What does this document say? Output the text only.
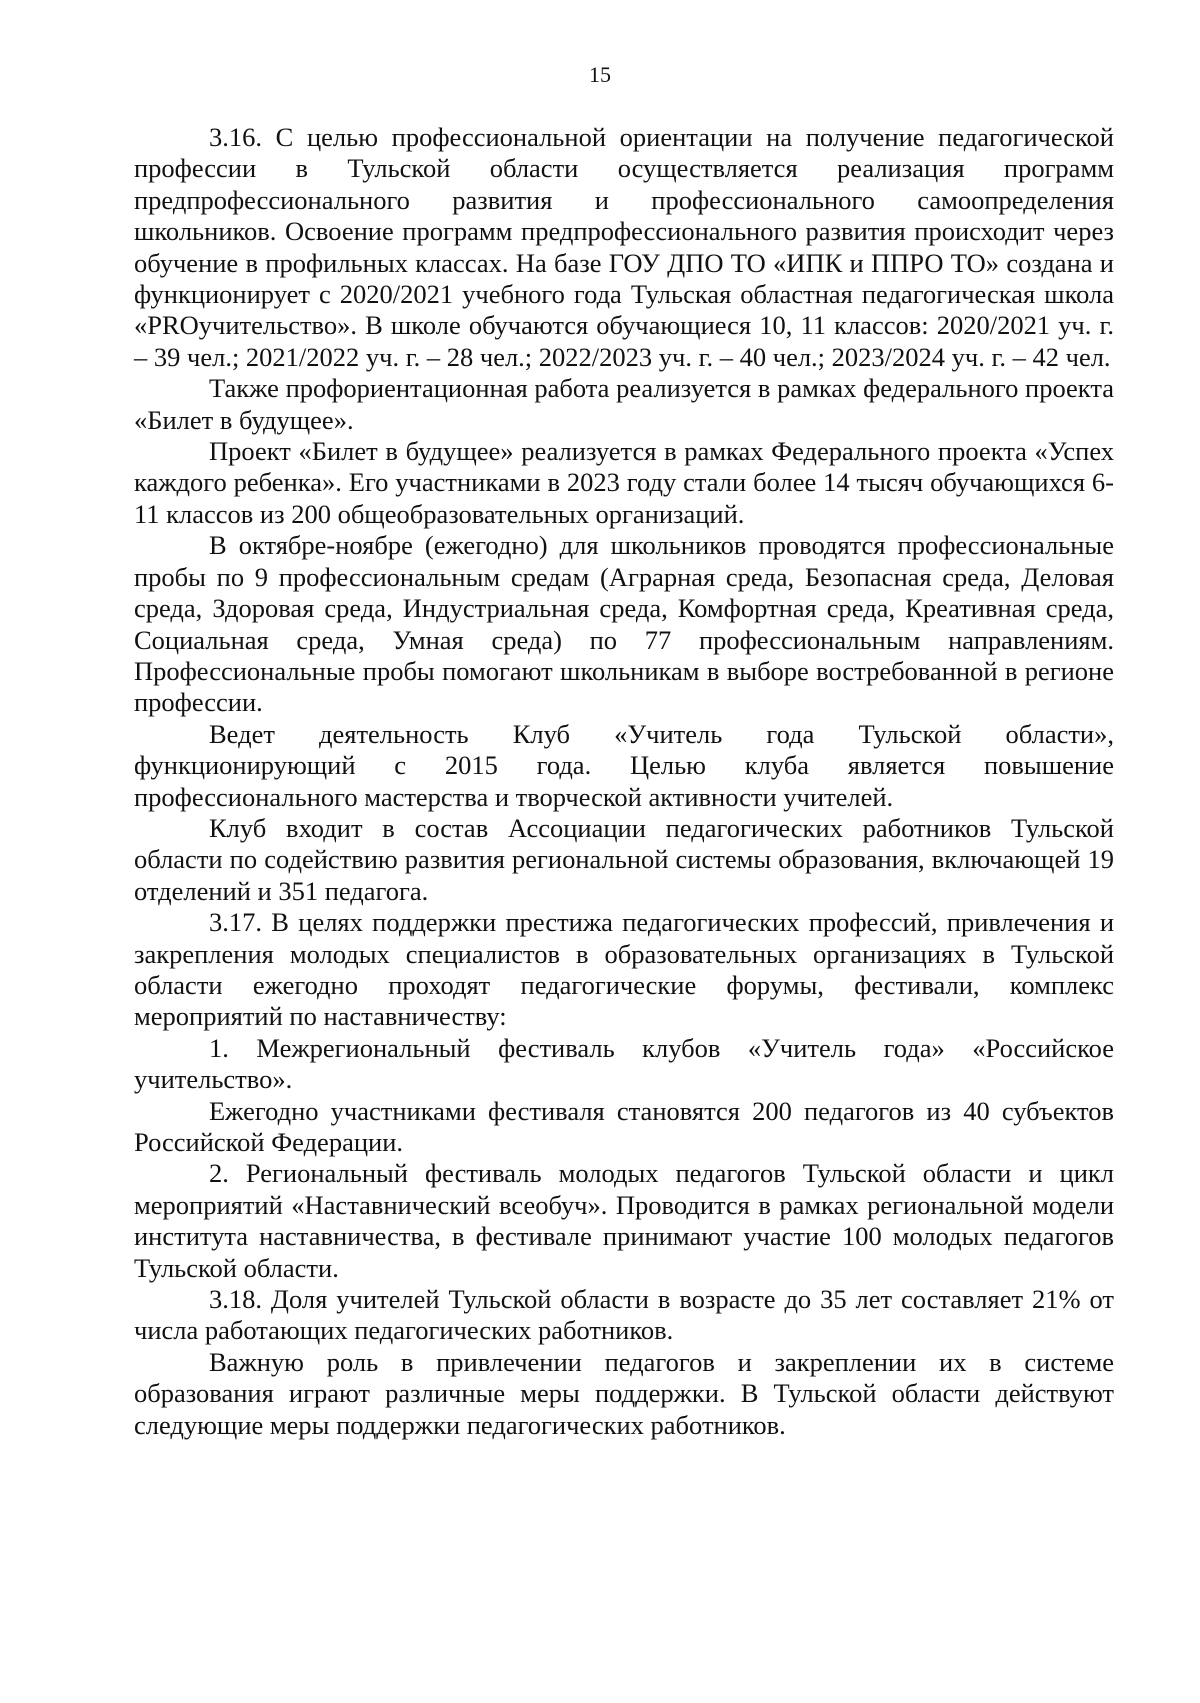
15

3.16. С целью профессиональной ориентации на получение педагогической профессии в Тульской области осуществляется реализация программ предпрофессионального развития и профессионального самоопределения школьников. Освоение программ предпрофессионального развития происходит через обучение в профильных классах. На базе ГОУ ДПО ТО «ИПК и ППРО ТО» создана и функционирует с 2020/2021 учебного года Тульская областная педагогическая школа «PROучительство». В школе обучаются обучающиеся 10, 11 классов: 2020/2021 уч. г. – 39 чел.; 2021/2022 уч. г. – 28 чел.; 2022/2023 уч. г. – 40 чел.; 2023/2024 уч. г. – 42 чел.

Также профориентационная работа реализуется в рамках федерального проекта «Билет в будущее».

Проект «Билет в будущее» реализуется в рамках Федерального проекта «Успех каждого ребенка». Его участниками в 2023 году стали более 14 тысяч обучающихся 6-11 классов из 200 общеобразовательных организаций.

В октябре-ноябре (ежегодно) для школьников проводятся профессиональные пробы по 9 профессиональным средам (Аграрная среда, Безопасная среда, Деловая среда, Здоровая среда, Индустриальная среда, Комфортная среда, Креативная среда, Социальная среда, Умная среда) по 77 профессиональным направлениям. Профессиональные пробы помогают школьникам в выборе востребованной в регионе профессии.

Ведет деятельность Клуб «Учитель года Тульской области», функционирующий с 2015 года. Целью клуба является повышение профессионального мастерства и творческой активности учителей.

Клуб входит в состав Ассоциации педагогических работников Тульской области по содействию развития региональной системы образования, включающей 19 отделений и 351 педагога.

3.17. В целях поддержки престижа педагогических профессий, привлечения и закрепления молодых специалистов в образовательных организациях в Тульской области ежегодно проходят педагогические форумы, фестивали, комплекс мероприятий по наставничеству:

1. Межрегиональный фестиваль клубов «Учитель года» «Российское учительство».

Ежегодно участниками фестиваля становятся 200 педагогов из 40 субъектов Российской Федерации.

2. Региональный фестиваль молодых педагогов Тульской области и цикл мероприятий «Наставнический всеобуч». Проводится в рамках региональной модели института наставничества, в фестивале принимают участие 100 молодых педагогов Тульской области.

3.18. Доля учителей Тульской области в возрасте до 35 лет составляет 21% от числа работающих педагогических работников.

Важную роль в привлечении педагогов и закреплении их в системе образования играют различные меры поддержки. В Тульской области действуют следующие меры поддержки педагогических работников.
